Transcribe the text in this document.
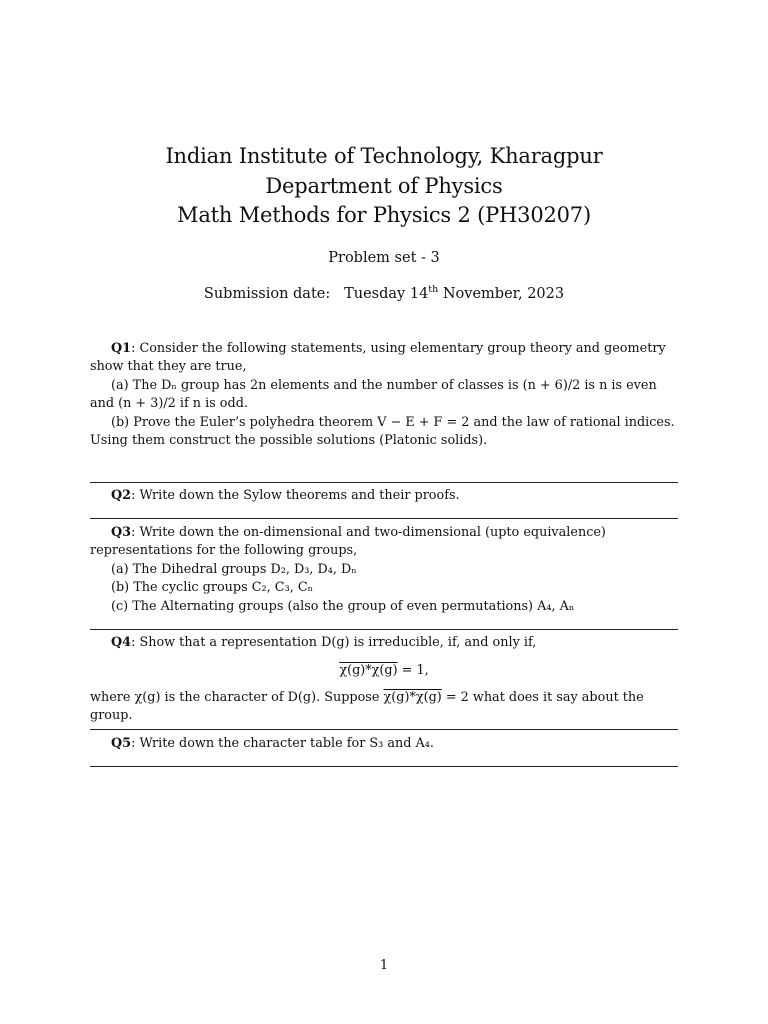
Indian Institute of Technology, Kharagpur
Department of Physics
Math Methods for Physics 2 (PH30207)
Problem set - 3
Submission date: Tuesday 14th November, 2023

Q1: Consider the following statements, using elementary group theory and geometry show that they are true,

(a) The Dₙ group has 2n elements and the number of classes is (n + 6)/2 is n is even and (n + 3)/2 if n is odd.

(b) Prove the Euler’s polyhedra theorem V − E + F = 2 and the law of rational indices. Using them construct the possible solutions (Platonic solids).

Q2: Write down the Sylow theorems and their proofs.

Q3: Write down the on-dimensional and two-dimensional (upto equivalence) representations for the following groups,

(a) The Dihedral groups D₂, D₃, D₄, Dₙ

(b) The cyclic groups C₂, C₃, Cₙ

(c) The Alternating groups (also the group of even permutations) A₄, Aₙ

Q4: Show that a representation D(g) is irreducible, if, and only if,

χ(g)*χ(g) = 1,

where χ(g) is the character of D(g). Suppose χ(g)*χ(g) = 2 what does it say about the group.

Q5: Write down the character table for S₃ and A₄.

1
